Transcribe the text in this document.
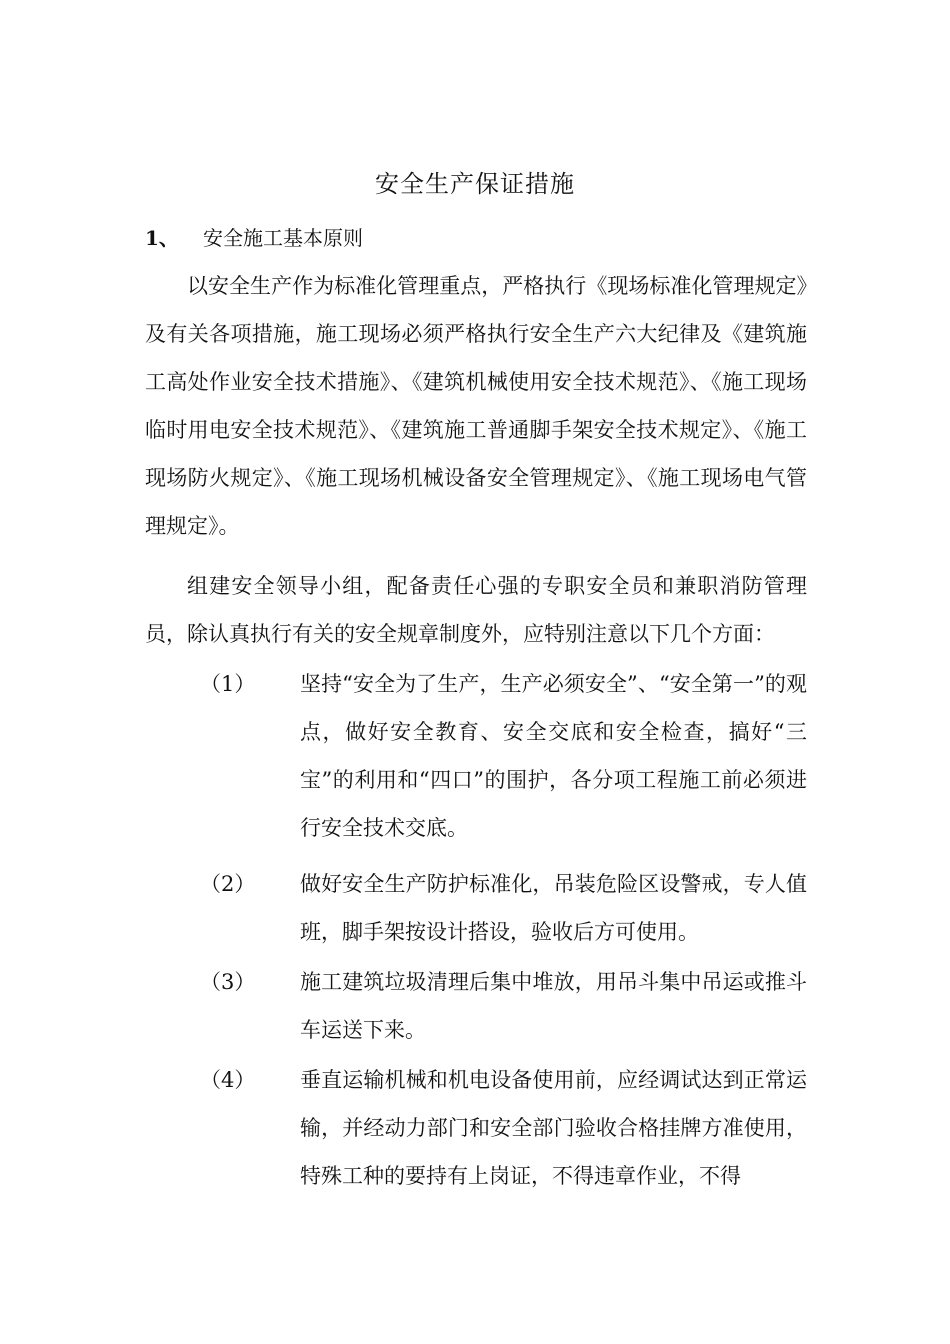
安全生产保证措施
1、 安全施工基本原则

以安全生产作为标准化管理重点，严格执行《现场标准化管理规定》及有关各项措施，施工现场必须严格执行安全生产六大纪律及《建筑施工高处作业安全技术措施》、《建筑机械使用安全技术规范》、《施工现场临时用电安全技术规范》、《建筑施工普通脚手架安全技术规定》、《施工现场防火规定》、《施工现场机械设备安全管理规定》、《施工现场电气管理规定》。

组建安全领导小组，配备责任心强的专职安全员和兼职消防管理员，除认真执行有关的安全规章制度外，应特别注意以下几个方面：

（1）	坚持“安全为了生产，生产必须安全”、“安全第一”的观点，做好安全教育、安全交底和安全检查，搞好“三宝”的利用和“四口”的围护，各分项工程施工前必须进行安全技术交底。
（2）	做好安全生产防护标准化，吊装危险区设警戒，专人值班，脚手架按设计搭设，验收后方可使用。
（3）	施工建筑垃圾清理后集中堆放，用吊斗集中吊运或推斗车运送下来。
（4）	垂直运输机械和机电设备使用前，应经调试达到正常运输，并经动力部门和安全部门验收合格挂牌方准使用，特殊工种的要持有上岗证，不得违章作业，不得
